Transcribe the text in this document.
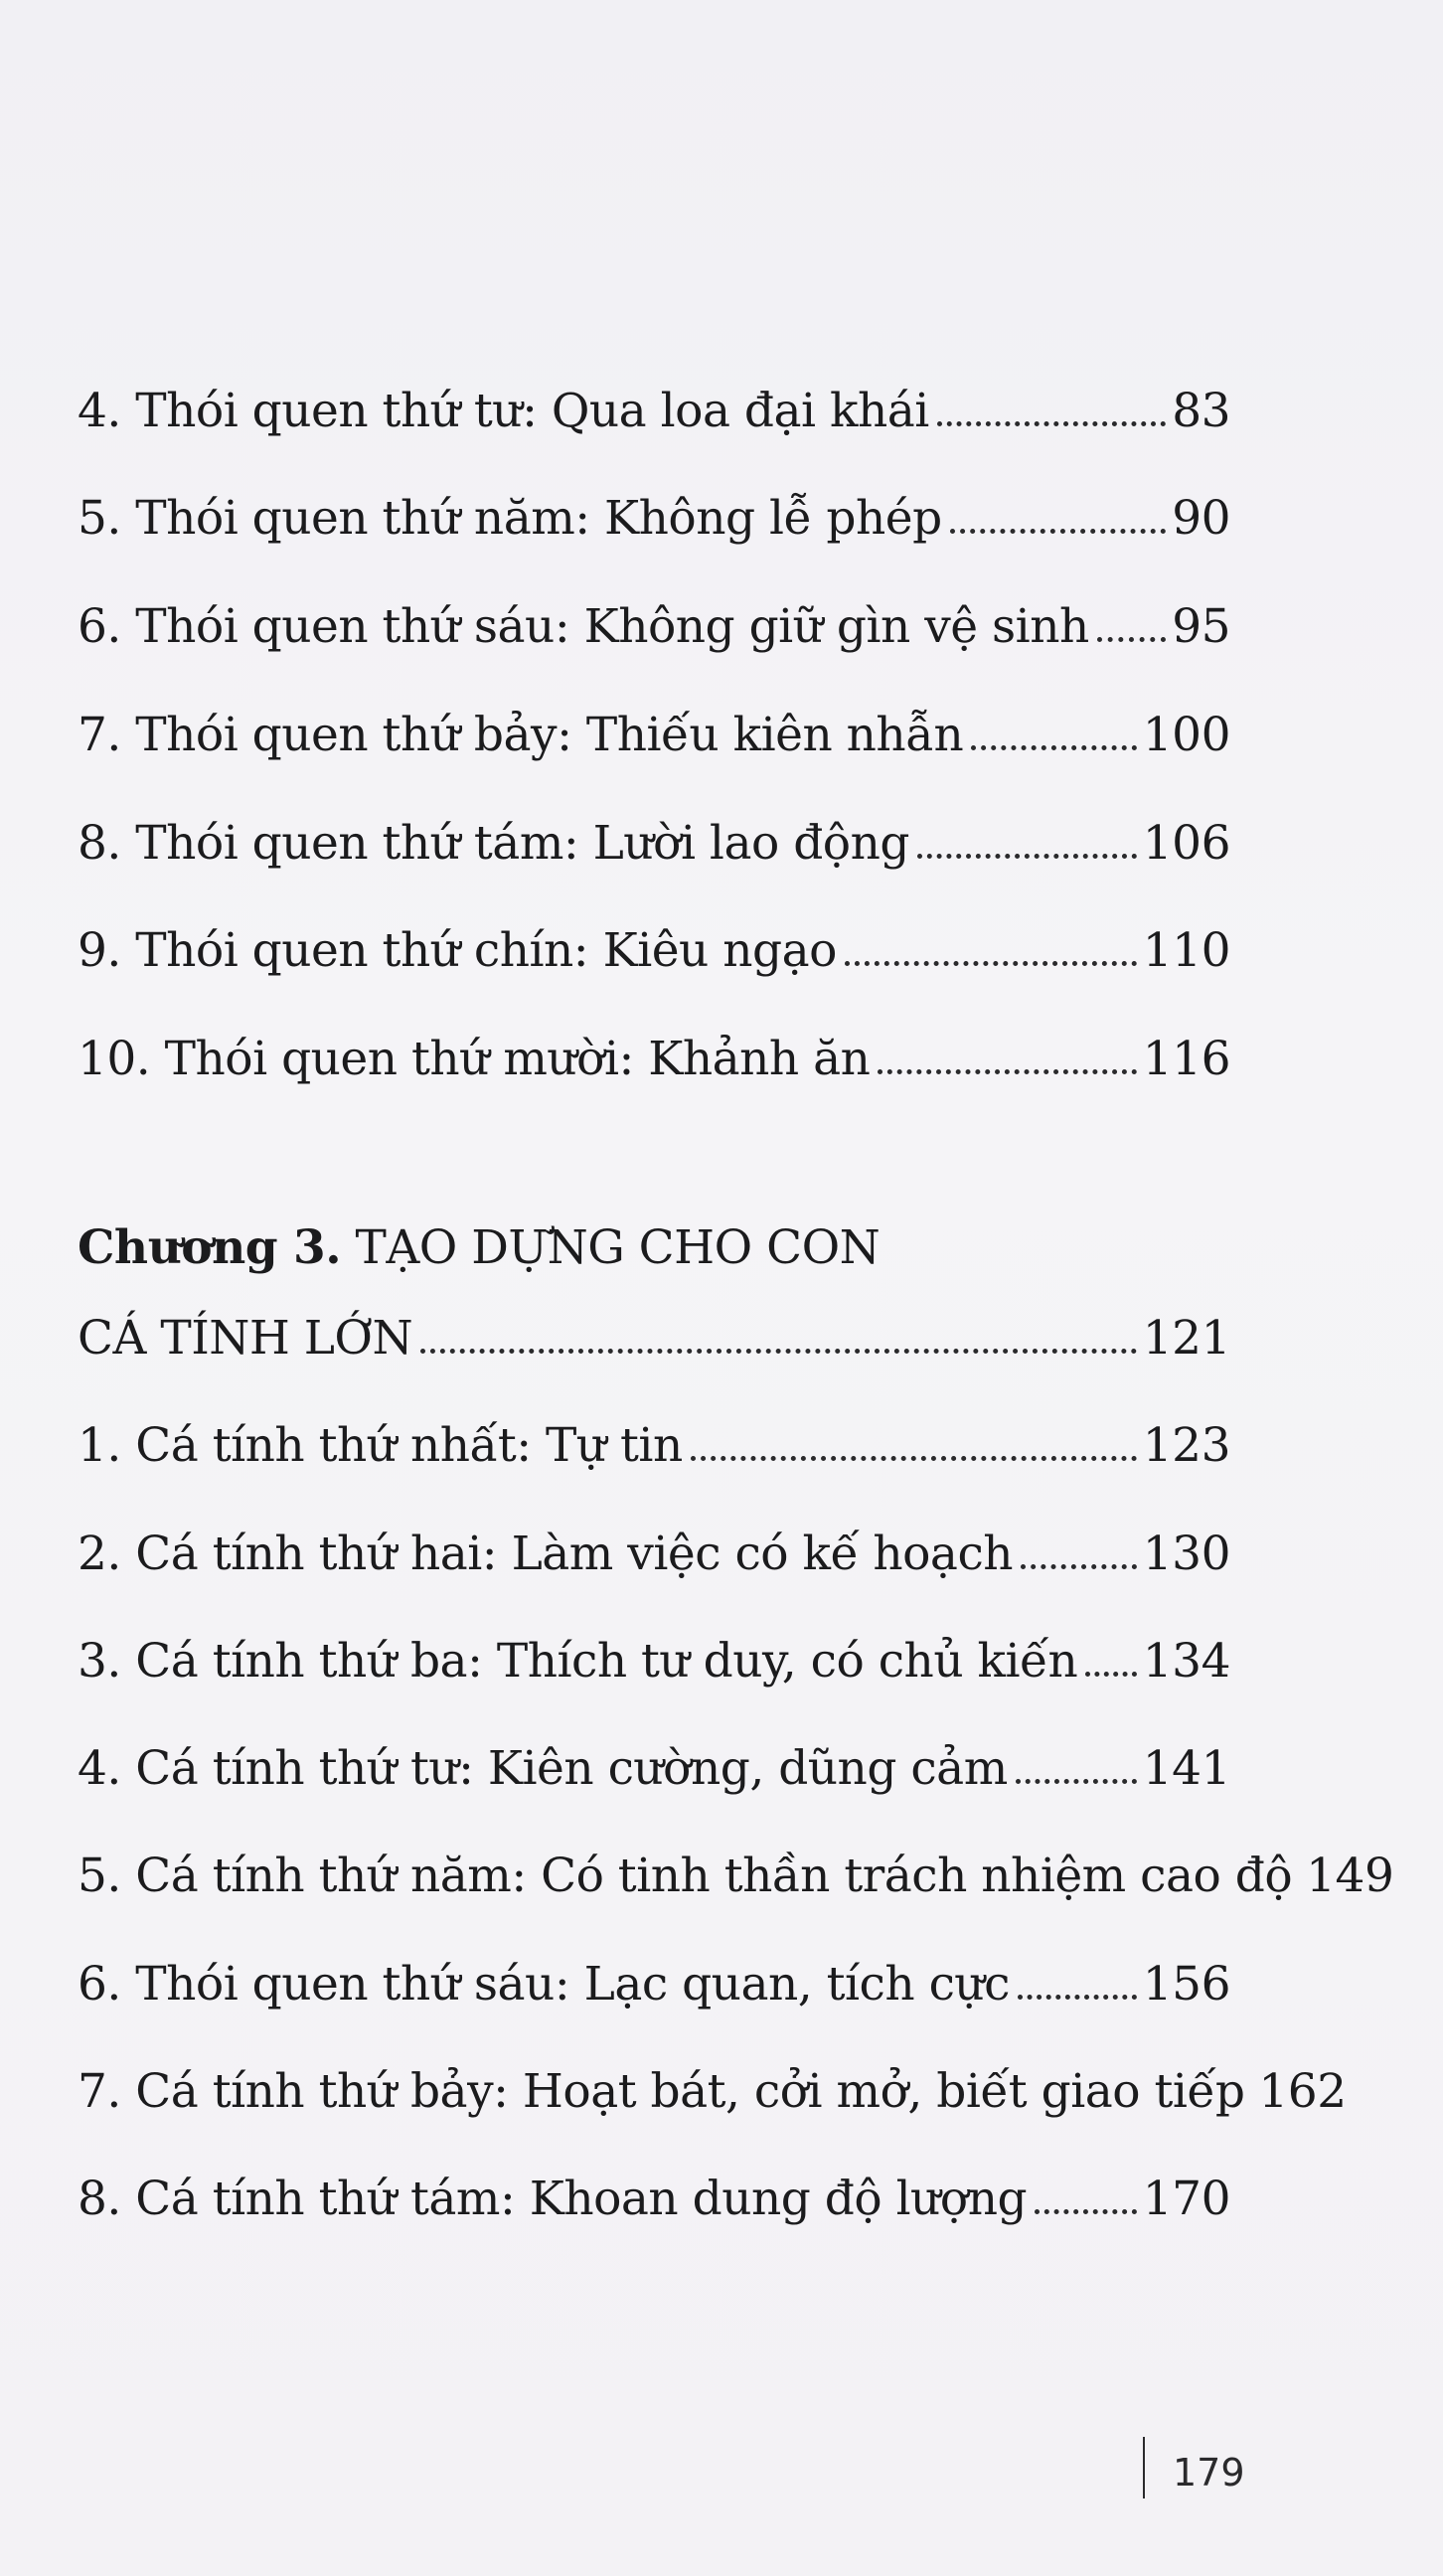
4. Thói quen thứ tư: Qua loa đại khái	83
5. Thói quen thứ năm: Không lễ phép	90
6. Thói quen thứ sáu: Không giữ gìn vệ sinh 95
7. Thói quen thứ bảy: Thiếu kiên nhẫn	100
8. Thói quen thứ tám: Lười lao động	106
9. Thói quen thứ chín: Kiêu ngạo	110
10. Thói quen thứ mười: Khảnh ăn	116
Chương 3. TẠO DỰNG CHO CON
CÁ TÍNH LỚN	121
1. Cá tính thứ nhất: Tự tin	123
2. Cá tính thứ hai: Làm việc có kế hoạch	130
3. Cá tính thứ ba: Thích tư duy, có chủ kiến 134
4. Cá tính thứ tư: Kiên cường, dũng cảm	141
5. Cá tính thứ năm: Có tinh thần trách nhiệm cao độ 149
6. Thói quen thứ sáu: Lạc quan, tích cực	156
7. Cá tính thứ bảy: Hoạt bát, cởi mở, biết giao tiếp 162
8. Cá tính thứ tám: Khoan dung độ lượng 170
179
